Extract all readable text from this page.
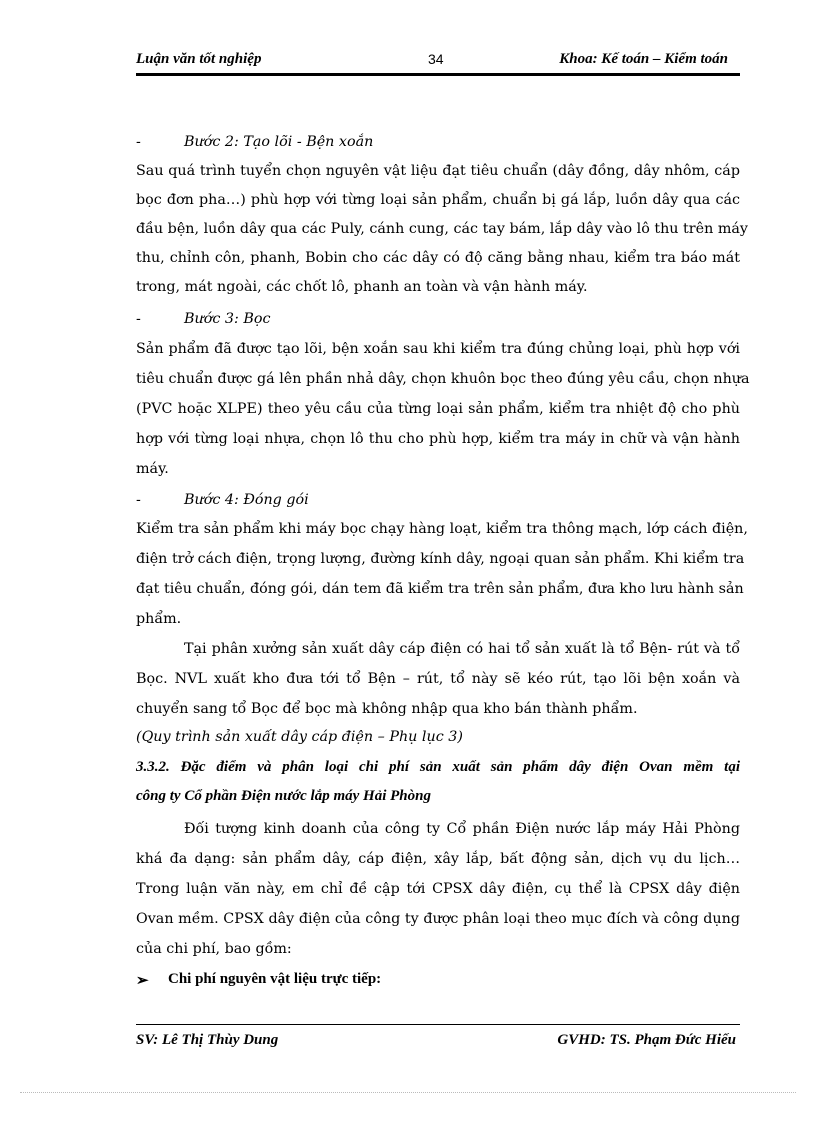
Luận văn tốt nghiệp	34	Khoa: Kế toán – Kiểm toán
-	Bước 2: Tạo lõi - Bện xoắn
Sau quá trình tuyển chọn nguyên vật liệu đạt tiêu chuẩn (dây đồng, dây nhôm, cáp
bọc đơn pha…) phù hợp với từng loại sản phẩm, chuẩn bị gá lắp, luồn dây qua các
đầu bện, luồn dây qua các Puly, cánh cung, các tay bám, lắp dây vào lô thu trên máy
thu, chỉnh côn, phanh, Bobin cho các dây có độ căng bằng nhau, kiểm tra báo mát
trong, mát ngoài, các chốt lô, phanh an toàn và vận hành máy.
-	Bước 3: Bọc
Sản phẩm đã được tạo lõi, bện xoắn sau khi kiểm tra đúng chủng loại, phù hợp với
tiêu chuẩn được gá lên phần nhả dây, chọn khuôn bọc theo đúng yêu cầu, chọn nhựa
(PVC hoặc XLPE) theo yêu cầu của từng loại sản phẩm, kiểm tra nhiệt độ cho phù
hợp với từng loại nhựa, chọn lô thu cho phù hợp, kiểm tra máy in chữ và vận hành
máy.
-	Bước 4: Đóng gói
Kiểm tra sản phẩm khi máy bọc chạy hàng loạt, kiểm tra thông mạch, lớp cách điện,
điện trở cách điện, trọng lượng, đường kính dây, ngoại quan sản phẩm. Khi kiểm tra
đạt tiêu chuẩn, đóng gói, dán tem đã kiểm tra trên sản phẩm, đưa kho lưu hành sản
phẩm.
Tại phân xưởng sản xuất dây cáp điện có hai tổ sản xuất là tổ Bện- rút và tổ
Bọc. NVL xuất kho đưa tới tổ Bện – rút, tổ này sẽ kéo rút, tạo lõi bện xoắn và
chuyển sang tổ Bọc để bọc mà không nhập qua kho bán thành phẩm.
(Quy trình sản xuất dây cáp điện – Phụ lục 3)
3.3.2. Đặc điểm và phân loại chi phí sản xuất sản phẩm dây điện Ovan mềm tại
công ty Cổ phần Điện nước lắp máy Hải Phòng
Đối tượng kinh doanh của công ty Cổ phần Điện nước lắp máy Hải Phòng
khá đa dạng: sản phẩm dây, cáp điện, xây lắp, bất động sản, dịch vụ du lịch…
Trong luận văn này, em chỉ đề cập tới CPSX dây điện, cụ thể là CPSX dây điện
Ovan mềm. CPSX dây điện của công ty được phân loại theo mục đích và công dụng
của chi phí, bao gồm:
➢ Chi phí nguyên vật liệu trực tiếp:
SV: Lê Thị Thùy Dung	GVHD: TS. Phạm Đức Hiếu
